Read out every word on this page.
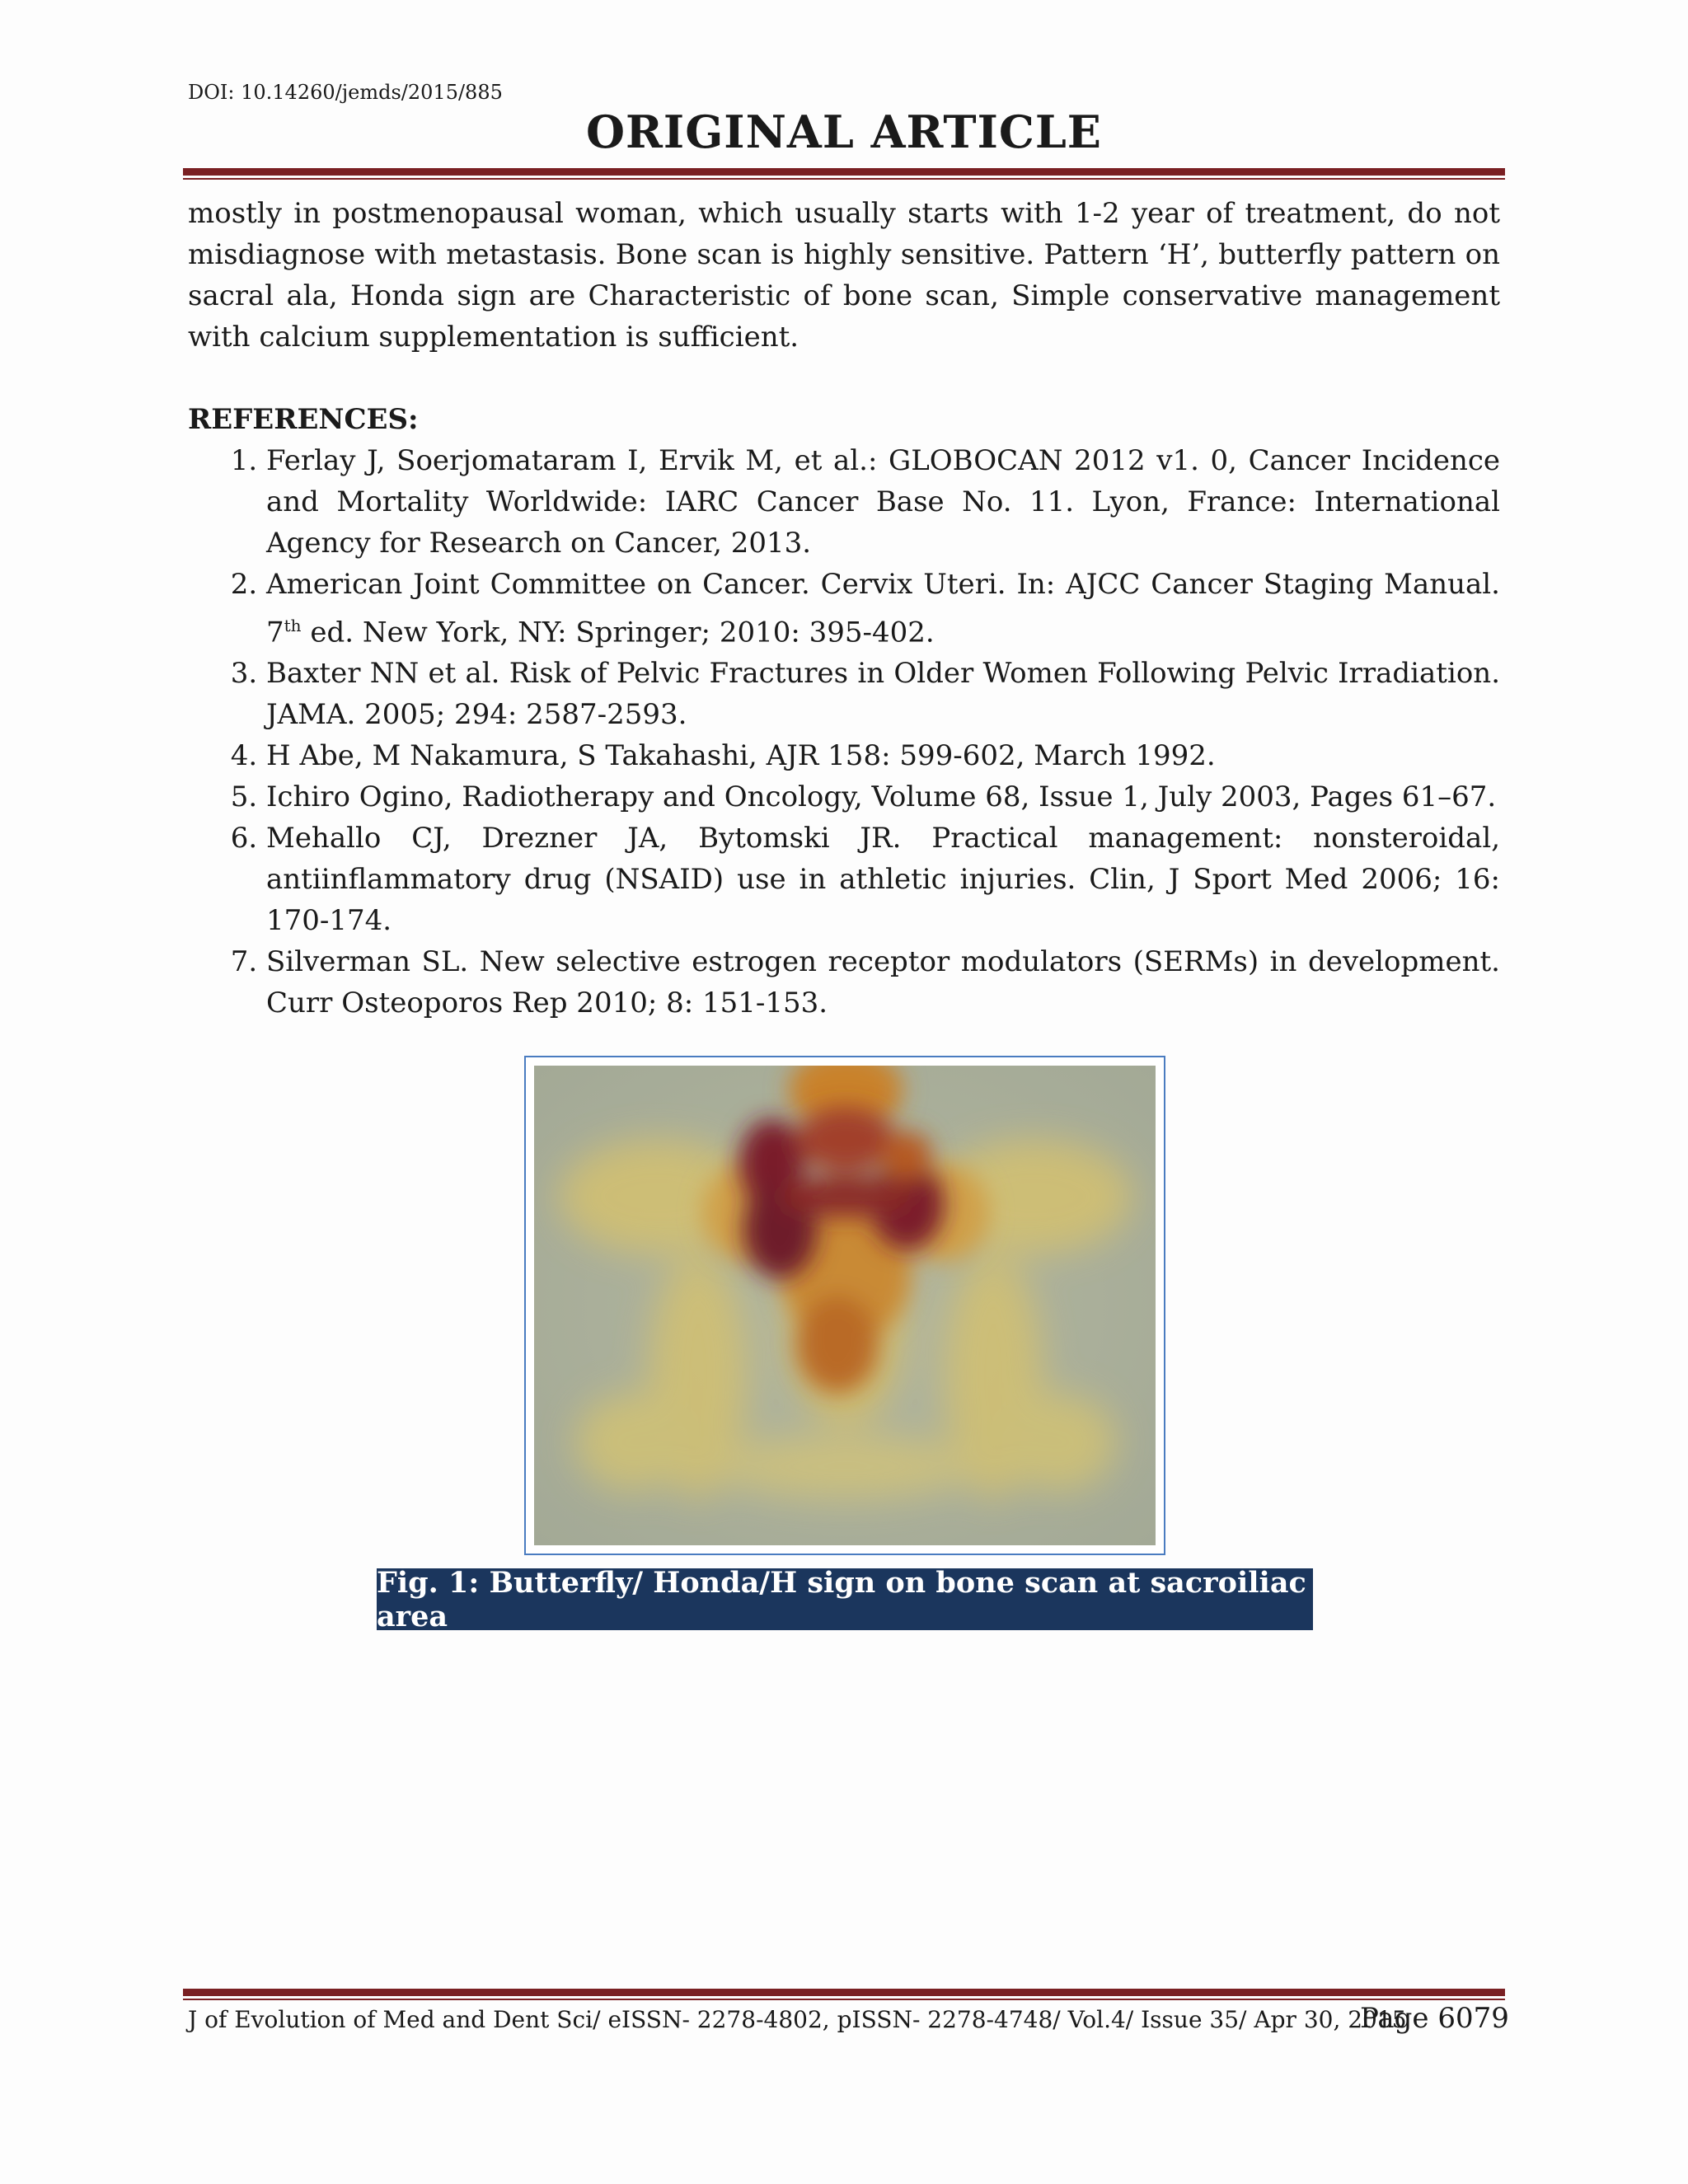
DOI: 10.14260/jemds/2015/885
ORIGINAL ARTICLE

mostly in postmenopausal woman, which usually starts with 1-2 year of treatment, do not misdiagnose with metastasis. Bone scan is highly sensitive. Pattern ‘H’, butterfly pattern on sacral ala, Honda sign are Characteristic of bone scan, Simple conservative management with calcium supplementation is sufficient.

REFERENCES:
1. Ferlay J, Soerjomataram I, Ervik M, et al.: GLOBOCAN 2012 v1. 0, Cancer Incidence and Mortality Worldwide: IARC Cancer Base No. 11. Lyon, France: International Agency for Research on Cancer, 2013.
2. American Joint Committee on Cancer. Cervix Uteri. In: AJCC Cancer Staging Manual. 7th ed. New York, NY: Springer; 2010: 395-402.
3. Baxter NN et al. Risk of Pelvic Fractures in Older Women Following Pelvic Irradiation. JAMA. 2005; 294: 2587-2593.
4. H Abe, M Nakamura, S Takahashi, AJR 158: 599-602, March 1992.
5. Ichiro Ogino, Radiotherapy and Oncology, Volume 68, Issue 1, July 2003, Pages 61–67.
6. Mehallo CJ, Drezner JA, Bytomski JR. Practical management: nonsteroidal, antiinflammatory drug (NSAID) use in athletic injuries. Clin, J Sport Med 2006; 16: 170-174.
7. Silverman SL. New selective estrogen receptor modulators (SERMs) in development. Curr Osteoporos Rep 2010; 8: 151-153.
Fig. 1: Butterfly/ Honda/H sign on bone scan at sacroiliac area
J of Evolution of Med and Dent Sci/ eISSN- 2278-4802, pISSN- 2278-4748/ Vol.4/ Issue 35/ Apr 30, 2015
Page 6079
